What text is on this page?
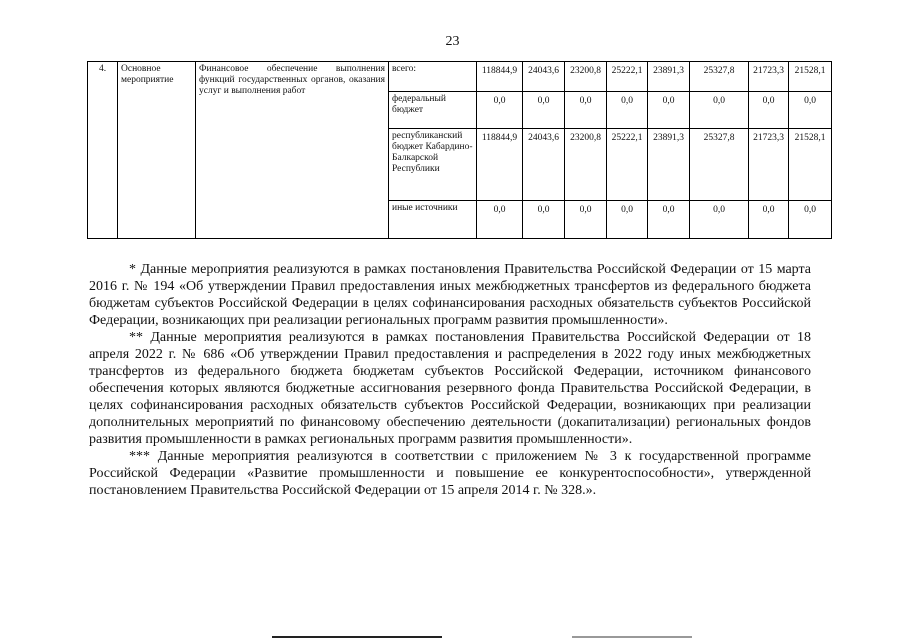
23
4.	Основное мероприятие	Финансовое обеспечение выполнения функций государственных органов, оказания услуг и выполнения работ	всего:	118844,9	24043,6	23200,8	25222,1	23891,3	25327,8	21723,3	21528,1
			федеральный бюджет	0,0	0,0	0,0	0,0	0,0	0,0	0,0	0,0
			республиканский бюджет Кабардино-Балкарской Республики	118844,9	24043,6	23200,8	25222,1	23891,3	25327,8	21723,3	21528,1
			иные источники	0,0	0,0	0,0	0,0	0,0	0,0	0,0	0,0

* Данные мероприятия реализуются в рамках постановления Правительства Российской Федерации от 15 марта 2016 г. № 194 «Об утверждении Правил предоставления иных межбюджетных трансфертов из федерального бюджета бюджетам субъектов Российской Федерации в целях софинансирования расходных обязательств субъектов Российской Федерации, возникающих при реализации региональных программ развития промышленности».

** Данные мероприятия реализуются в рамках постановления Правительства Российской Федерации от 18 апреля 2022 г. № 686 «Об утверждении Правил предоставления и распределения в 2022 году иных межбюджетных трансфертов из федерального бюджета бюджетам субъектов Российской Федерации, источником финансового обеспечения которых являются бюджетные ассигнования резервного фонда Правительства Российской Федерации, в целях софинансирования расходных обязательств субъектов Российской Федерации, возникающих при реализации дополнительных мероприятий по финансовому обеспечению деятельности (докапитализации) региональных фондов развития промышленности в рамках региональных программ развития промышленности».

*** Данные мероприятия реализуются в соответствии с приложением № 3 к государственной программе Российской Федерации «Развитие промышленности и повышение ее конкурентоспособности», утвержденной постановлением Правительства Российской Федерации от 15 апреля 2014 г. № 328.».
